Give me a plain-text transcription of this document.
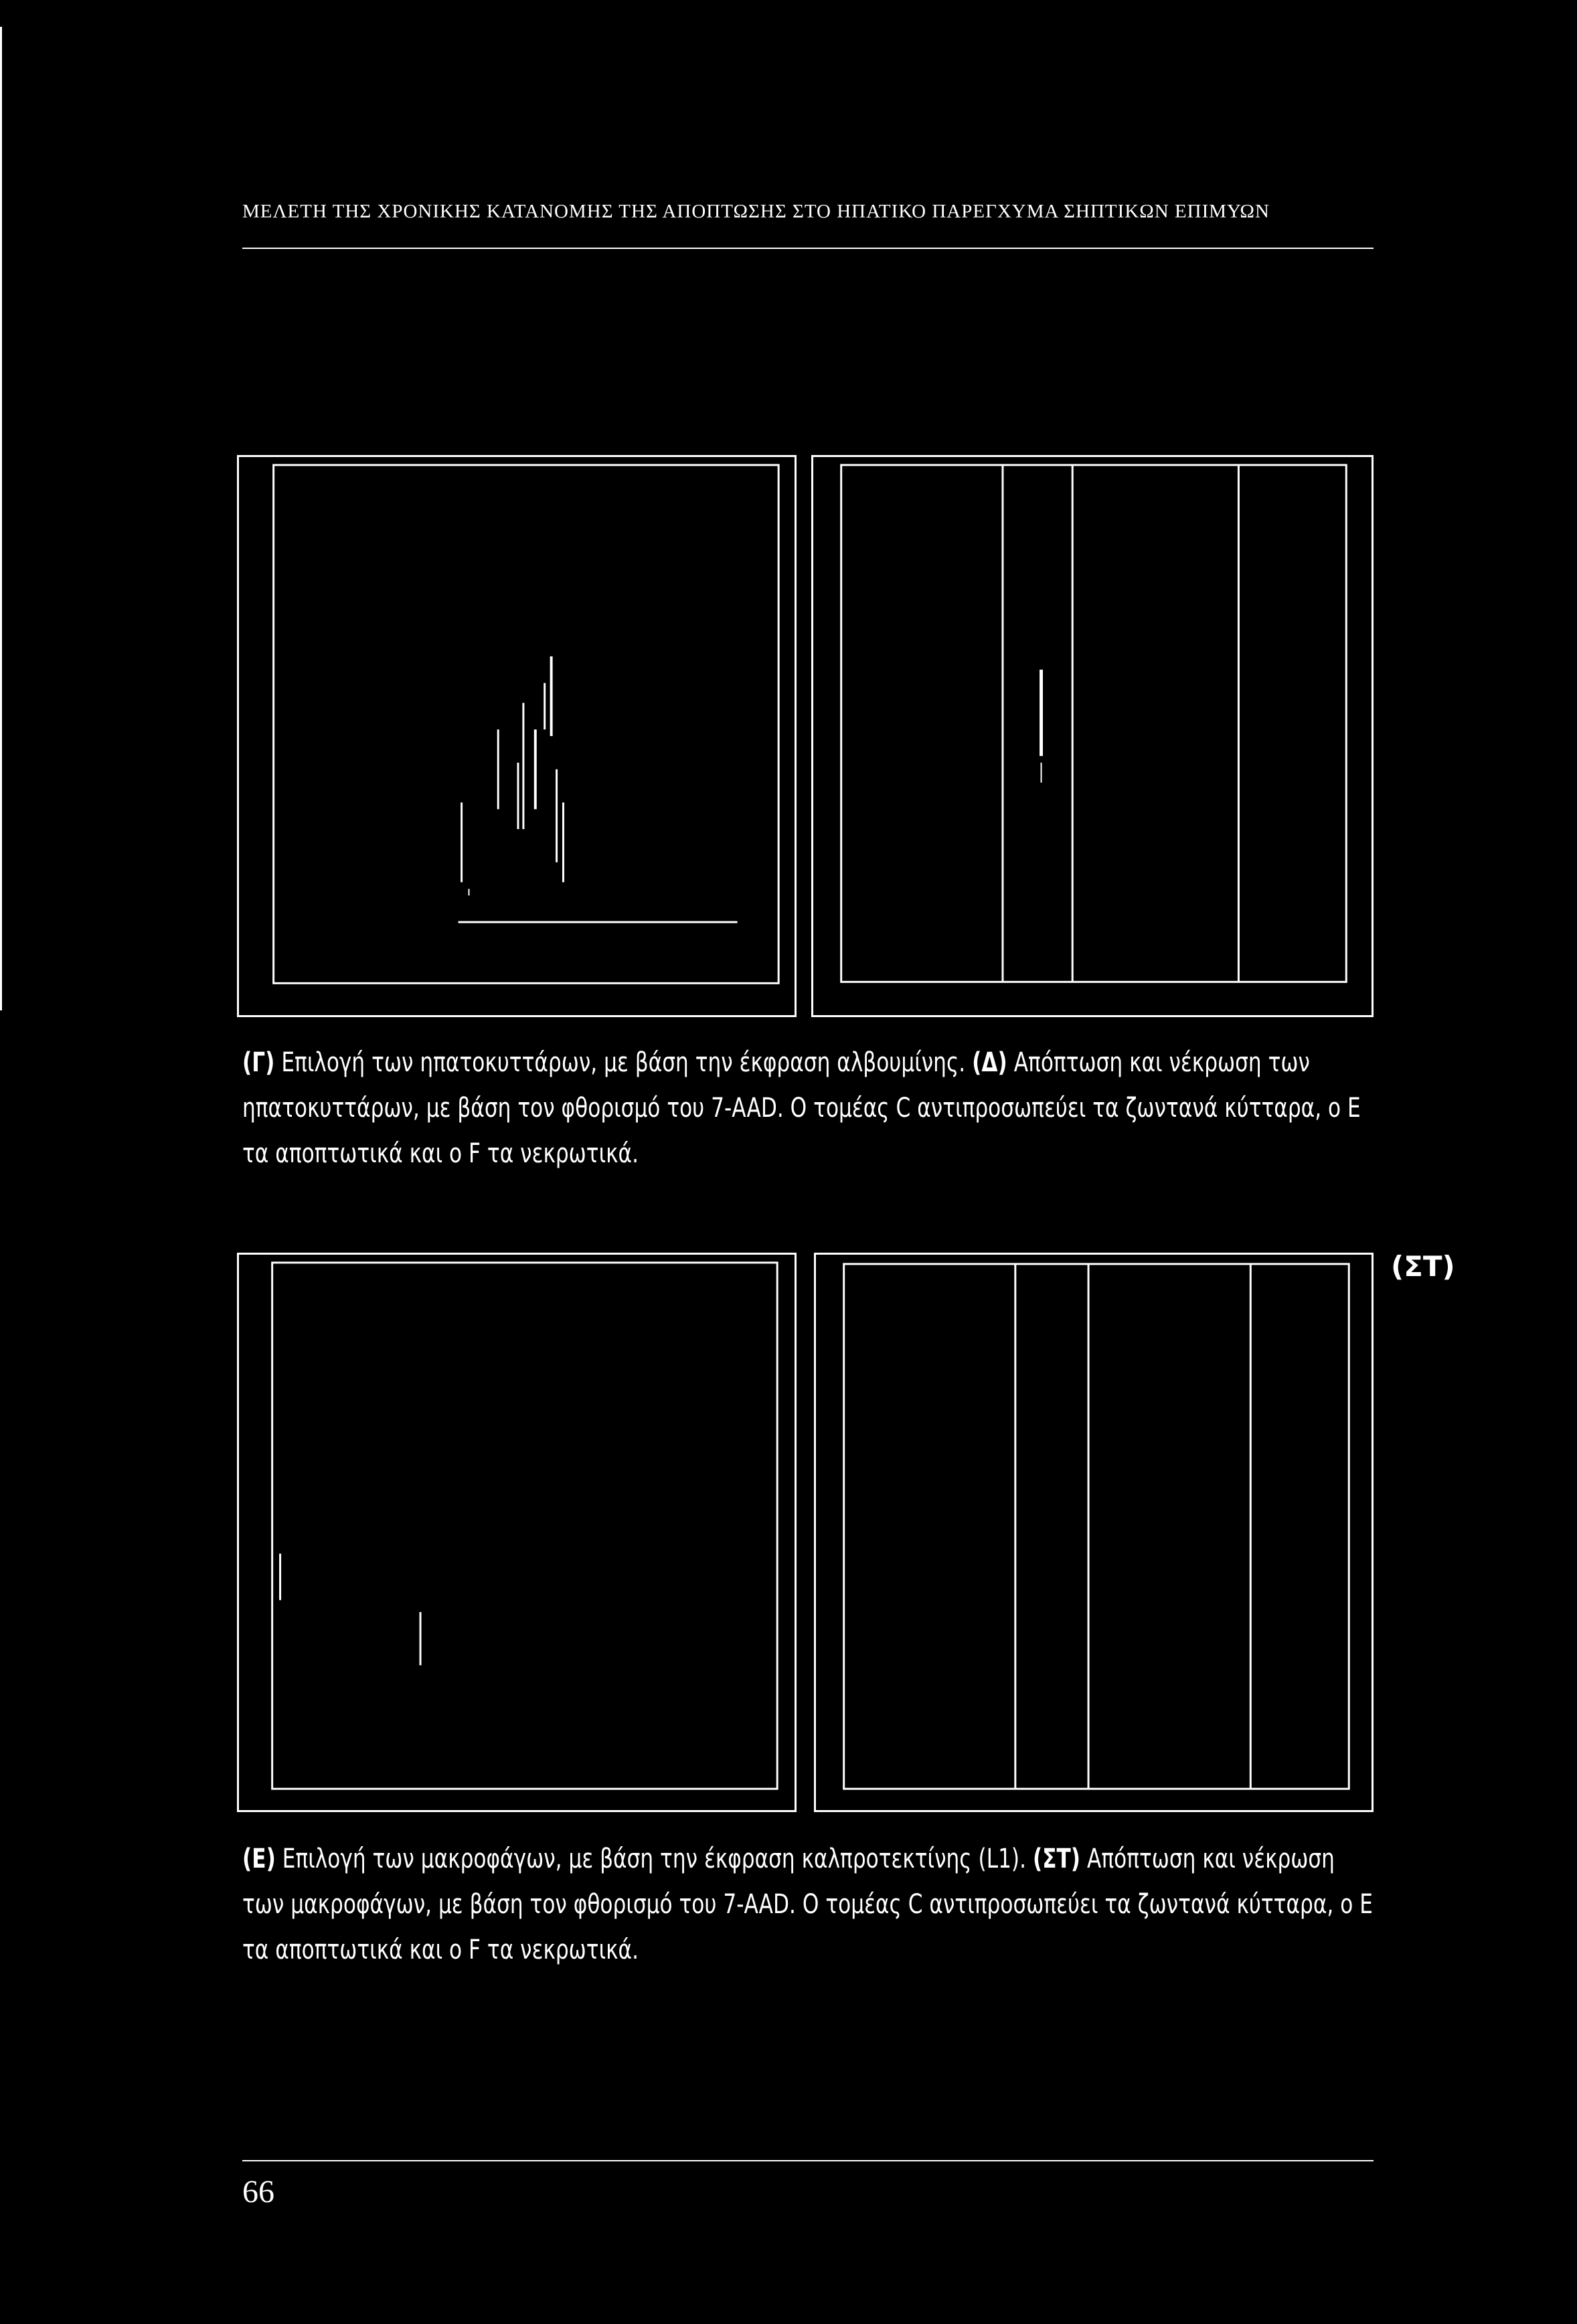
ΜΕΛΕΤΗ ΤΗΣ ΧΡΟΝΙΚΗΣ ΚΑΤΑΝΟΜΗΣ ΤΗΣ ΑΠΟΠΤΩΣΗΣ ΣΤΟ ΗΠΑΤΙΚΟ ΠΑΡΕΓΧΥΜΑ ΣΗΠΤΙΚΩΝ ΕΠΙΜΥΩΝ
(Γ) Επιλογή των ηπατοκυττάρων, με βάση την έκφραση αλβουμίνης. (Δ) Απόπτωση και νέκρωση των ηπατοκυττάρων, με βάση τον φθορισμό του 7-AAD. Ο τομέας C αντιπροσωπεύει τα ζωντανά κύτταρα, ο E τα αποπτωτικά και ο F τα νεκρωτικά.
(ΣΤ)
(Ε) Επιλογή των μακροφάγων, με βάση την έκφραση καλπροτεκτίνης (L1). (ΣΤ) Απόπτωση και νέκρωση των μακροφάγων, με βάση τον φθορισμό του 7-AAD. Ο τομέας C αντιπροσωπεύει τα ζωντανά κύτταρα, ο E τα αποπτωτικά και ο F τα νεκρωτικά.
66
